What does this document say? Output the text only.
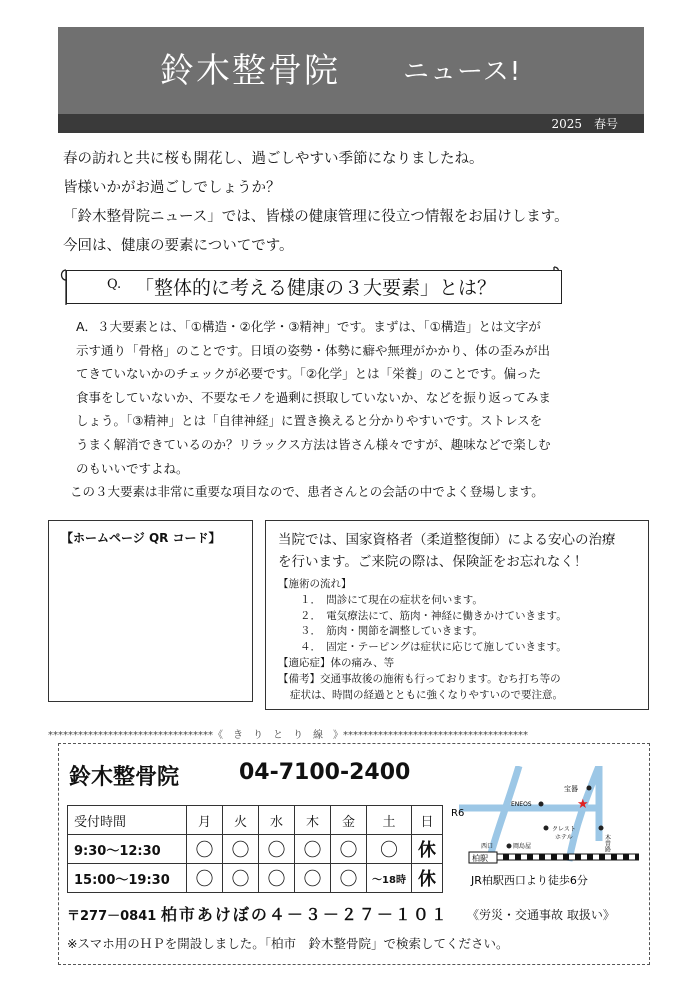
鈴木整骨院 ニュース!
2025　春号
春の訪れと共に桜も開花し、過ごしやすい季節になりましたね。
皆様いかがお過ごしでしょうか？
「鈴木整骨院ニュース」では、皆様の健康管理に役立つ情報をお届けします。
今回は、健康の要素についてです。
Q. 「整体的に考える健康の３大要素」とは？
A．３大要素とは、「①構造・②化学・③精神」です。まずは、「①構造」とは文字が
示す通り「骨格」のことです。日頃の姿勢・体勢に癖や無理がかかり、体の歪みが出
てきていないかのチェックが必要です。「②化学」とは「栄養」のことです。偏った
食事をしていないか、不要なモノを過剰に摂取していないか、などを振り返ってみま
しょう。「③精神」とは「自律神経」に置き換えると分かりやすいです。ストレスを
うまく解消できているのか？リラックス方法は皆さん様々ですが、趣味などで楽しむ
のもいいですよね。
この３大要素は非常に重要な項目なので、患者さんとの会話の中でよく登場します。
【ホームページ QR コード】	当院では、国家資格者（柔道整復師）による安心の治療
を行います。ご来院の際は、保険証をお忘れなく！
【施術の流れ】
１．　問診にて現在の症状を伺います。
２．　電気療法にて、筋肉・神経に働きかけていきます。
３．　筋肉・関節を調整していきます。
４．　固定・テーピングは症状に応じて施していきます。
【適応症】体の痛み、等
【備考】交通事故後の施術も行っております。むち打ち等の
症状は、時間の経過とともに強くなりやすいので要注意。
*********************************《　き　り　と　り　線　》*************************************
鈴木整骨院	04-7100-2400
受付時間	月	火	水	木	金	土	日
9:30～12:30	〇	〇	〇	〇	〇	〇	休
15:00～19:30	〇	〇	〇	〇	〇	～18時	休
〒277－0841 柏市あけぼの４－３－２７－１０１ 《労災・交通事故 取扱い》
※スマホ用のＨＰを開設しました。「柏市　鈴木整骨院」で検索してください。
宝器
★
ENEOS
R6
クレスト
ホテル	木曽路
西口	岡島屋
柏駅
JR柏駅西口より徒歩6分
